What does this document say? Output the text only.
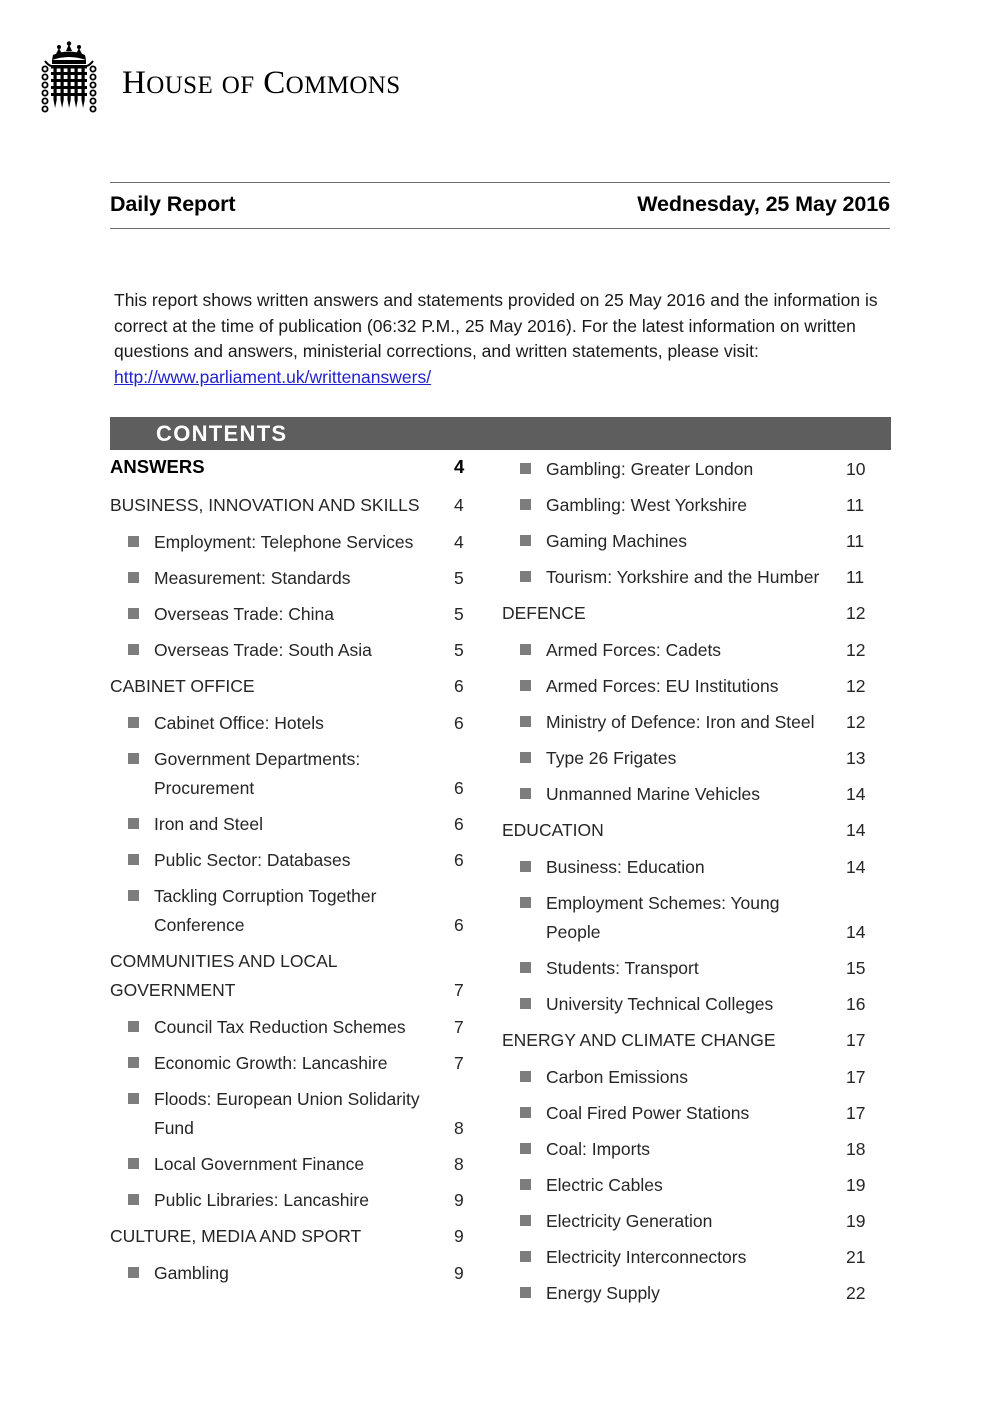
HOUSE OF COMMONS
Daily Report	Wednesday, 25 May 2016
This report shows written answers and statements provided on 25 May 2016 and the information is correct at the time of publication (06:32 P.M., 25 May 2016). For the latest information on written questions and answers, ministerial corrections, and written statements, please visit: http://www.parliament.uk/writtenanswers/
CONTENTS
ANSWERS	4
BUSINESS, INNOVATION AND SKILLS	4
Employment: Telephone Services 4
Measurement: Standards	5
Overseas Trade: China	5
Overseas Trade: South Asia	5
CABINET OFFICE	6
Cabinet Office: Hotels	6
Government Departments: Procurement	6
Iron and Steel	6
Public Sector: Databases	6
Tackling Corruption Together Conference	6
COMMUNITIES AND LOCAL GOVERNMENT	7
Council Tax Reduction Schemes	7
Economic Growth: Lancashire	7
Floods: European Union Solidarity Fund	8
Local Government Finance	8
Public Libraries: Lancashire	9
CULTURE, MEDIA AND SPORT	9
Gambling	9
Gambling: Greater London	10
Gambling: West Yorkshire	11
Gaming Machines	11
Tourism: Yorkshire and the Humber 11
DEFENCE	12
Armed Forces: Cadets	12
Armed Forces: EU Institutions	12
Ministry of Defence: Iron and Steel 12
Type 26 Frigates	13
Unmanned Marine Vehicles	14
EDUCATION	14
Business: Education	14
Employment Schemes: Young People	14
Students: Transport	15
University Technical Colleges	16
ENERGY AND CLIMATE CHANGE	17
Carbon Emissions	17
Coal Fired Power Stations	17
Coal: Imports	18
Electric Cables	19
Electricity Generation	19
Electricity Interconnectors	21
Energy Supply	22
